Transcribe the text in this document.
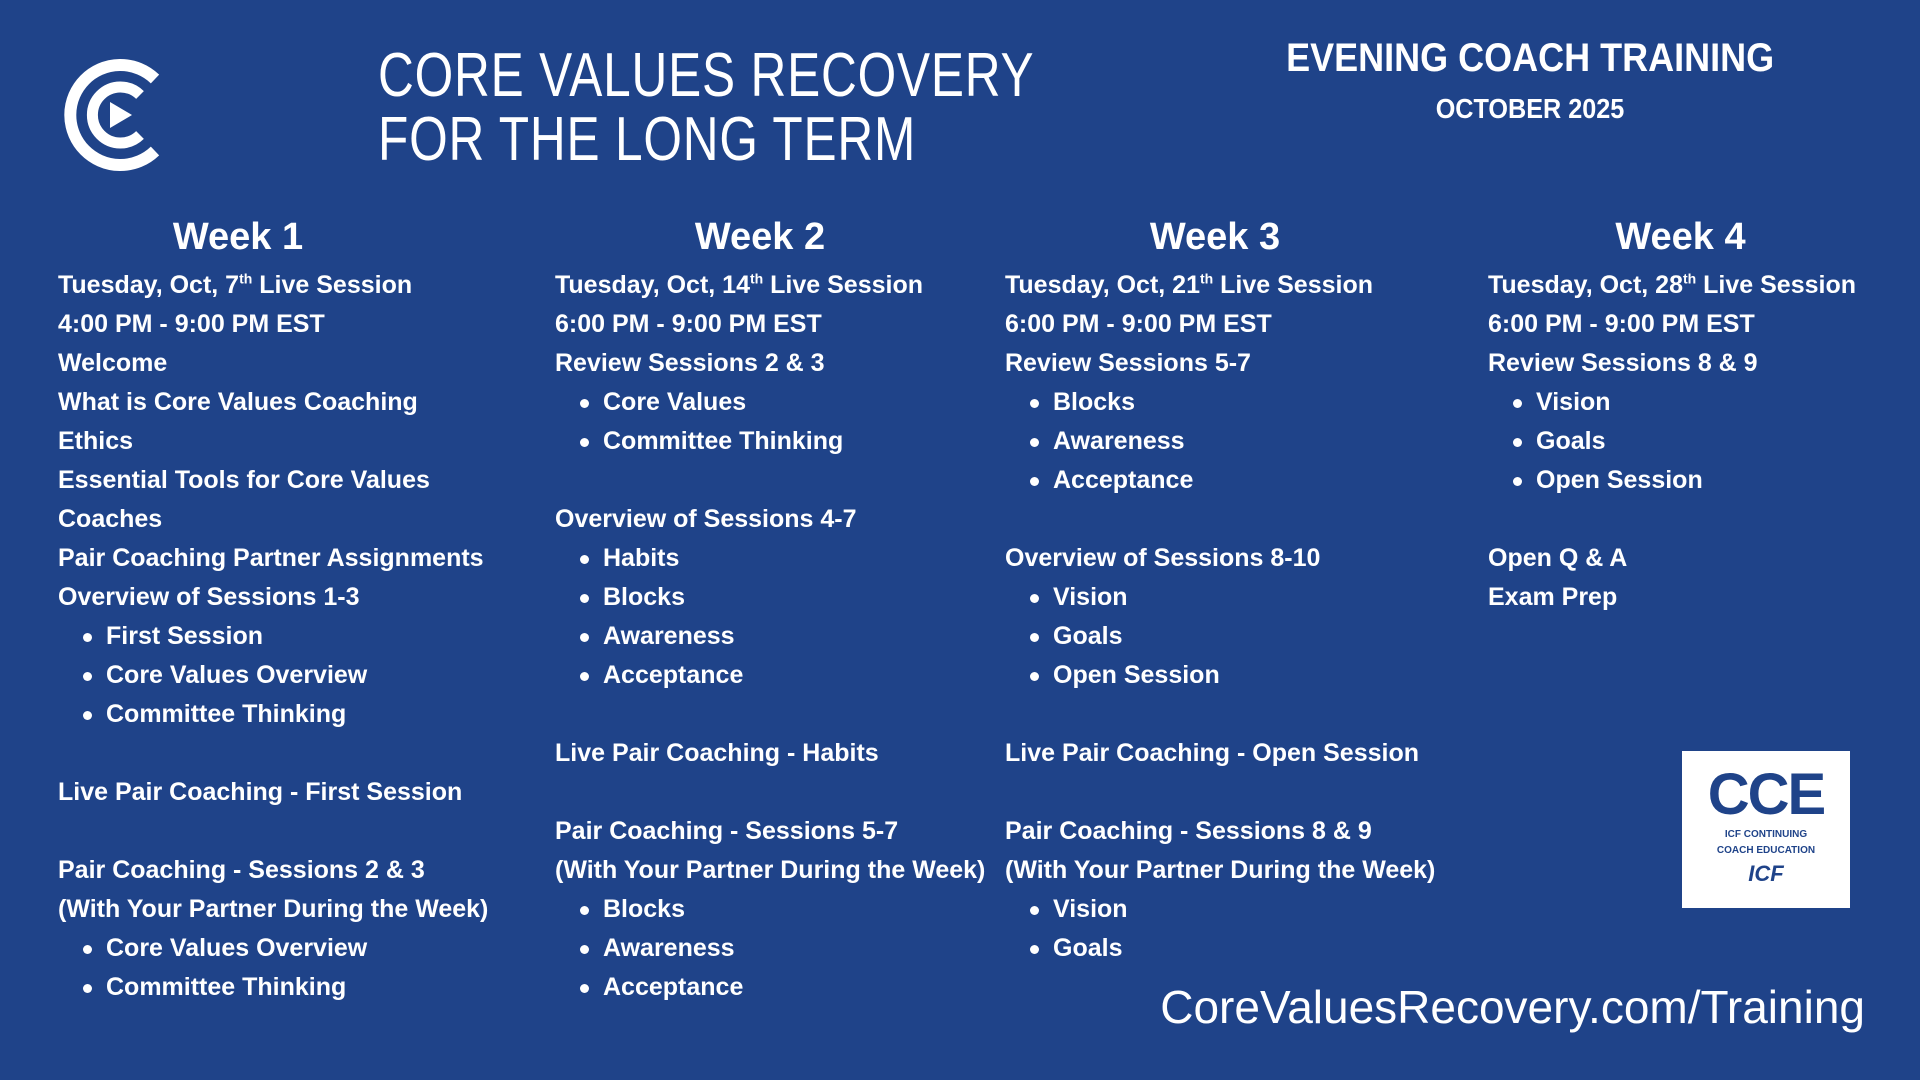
CORE VALUES RECOVERY
FOR THE LONG TERM
EVENING COACH TRAINING
OCTOBER 2025
Week 1
Tuesday, Oct, 7th Live Session
4:00 PM - 9:00 PM EST
Welcome
What is Core Values Coaching
Ethics
Essential Tools for Core Values
Coaches
Pair Coaching Partner Assignments
Overview of Sessions 1-3
First Session
Core Values Overview
Committee Thinking
Live Pair Coaching - First Session
Pair Coaching - Sessions 2 & 3
(With Your Partner During the Week)
Core Values Overview
Committee Thinking
Week 2
Tuesday, Oct, 14th Live Session
6:00 PM - 9:00 PM EST
Review Sessions 2 & 3
Core Values
Committee Thinking
Overview of Sessions 4-7
Habits
Blocks
Awareness
Acceptance
Live Pair Coaching - Habits
Pair Coaching - Sessions 5-7
(With Your Partner During the Week)
Blocks
Awareness
Acceptance
Week 3
Tuesday, Oct, 21th Live Session
6:00 PM - 9:00 PM EST
Review Sessions 5-7
Blocks
Awareness
Acceptance
Overview of Sessions 8-10
Vision
Goals
Open Session
Live Pair Coaching - Open Session
Pair Coaching - Sessions 8 & 9
(With Your Partner During the Week)
Vision
Goals
Week 4
Tuesday, Oct, 28th Live Session
6:00 PM - 9:00 PM EST
Review Sessions 8 & 9
Vision
Goals
Open Session
Open Q & A
Exam Prep
CCE
ICF CONTINUING
COACH EDUCATION
ICF
CoreValuesRecovery.com/Training
